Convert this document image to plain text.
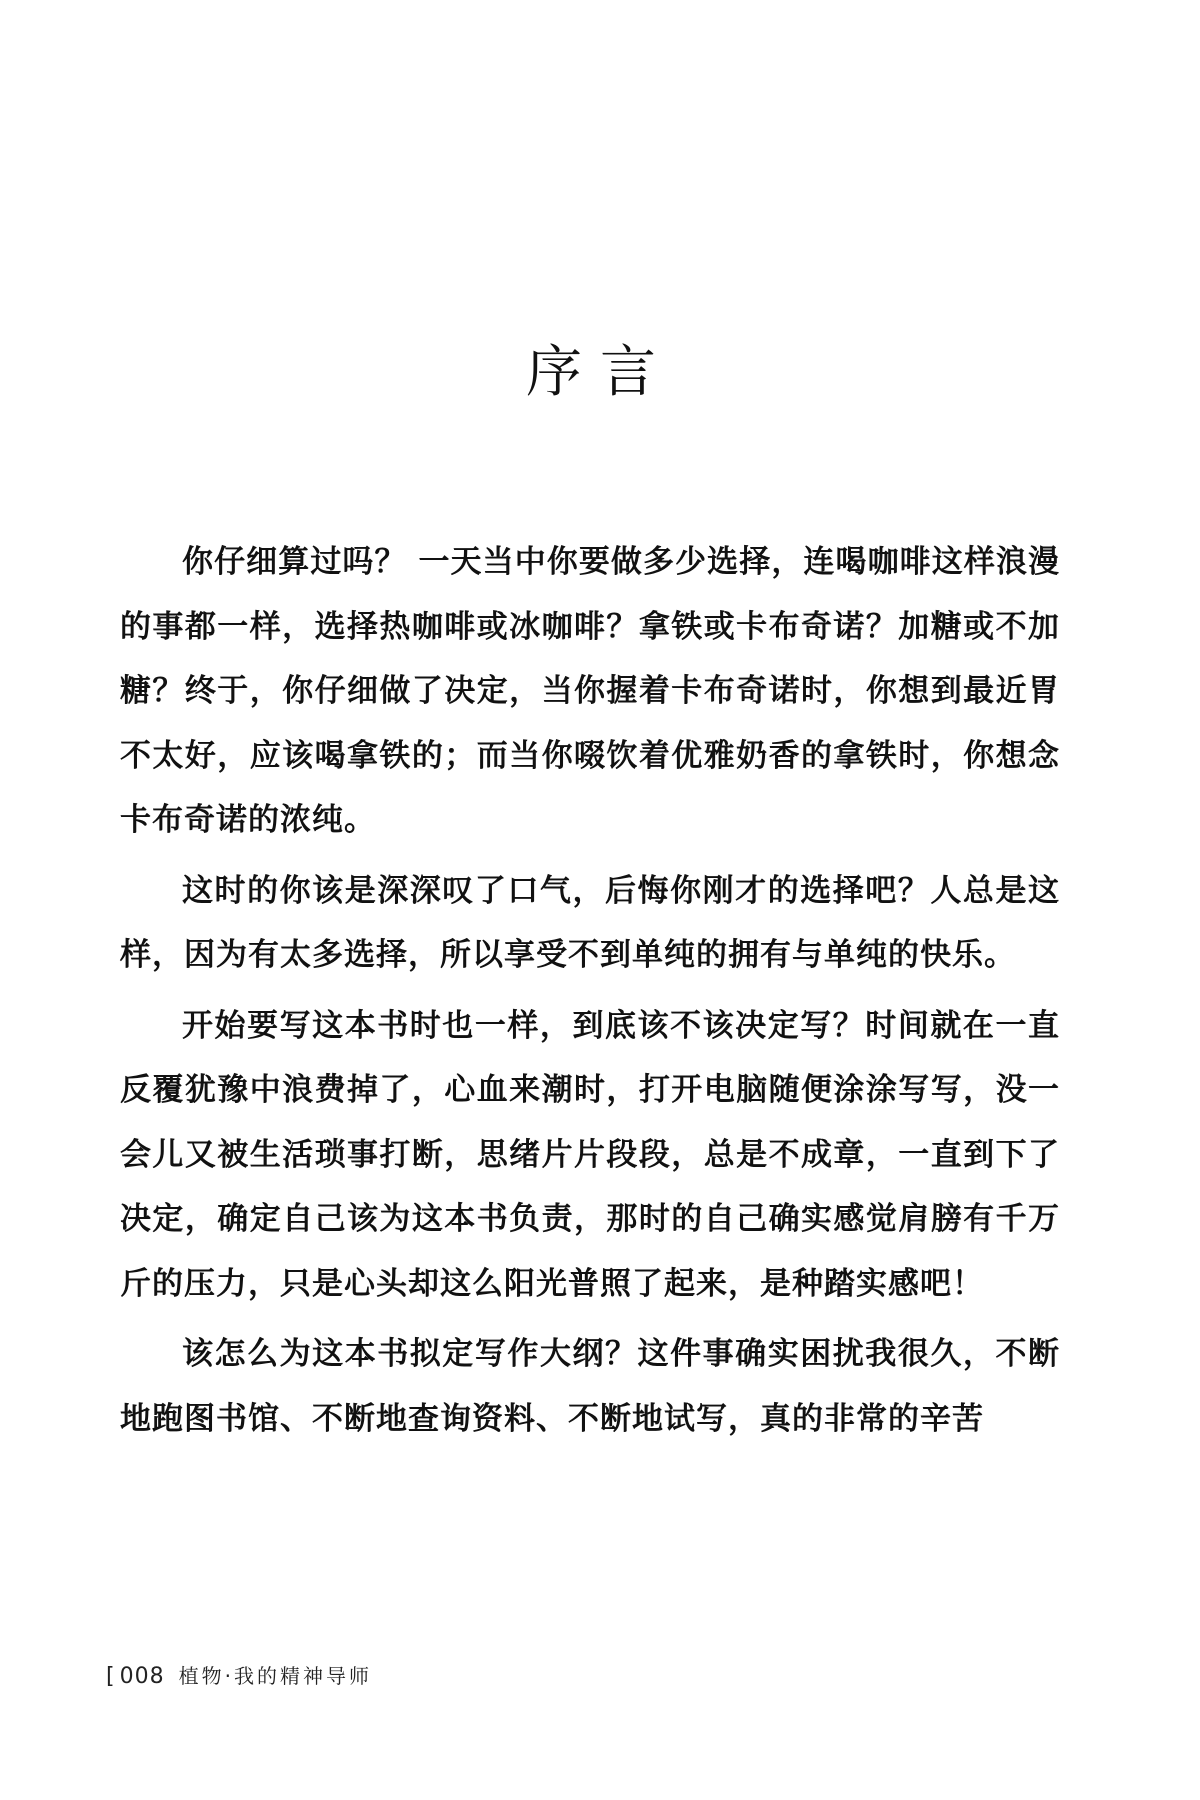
序言

你仔细算过吗？ 一天当中你要做多少选择，连喝咖啡这样浪漫的事都一样，选择热咖啡或冰咖啡？拿铁或卡布奇诺？加糖或不加糖？终于，你仔细做了决定，当你握着卡布奇诺时，你想到最近胃不太好，应该喝拿铁的；而当你啜饮着优雅奶香的拿铁时，你想念卡布奇诺的浓纯。

这时的你该是深深叹了口气，后悔你刚才的选择吧？人总是这样，因为有太多选择，所以享受不到单纯的拥有与单纯的快乐。

开始要写这本书时也一样，到底该不该决定写？时间就在一直反覆犹豫中浪费掉了，心血来潮时，打开电脑随便涂涂写写，没一会儿又被生活琐事打断，思绪片片段段，总是不成章，一直到下了决定，确定自己该为这本书负责，那时的自己确实感觉肩膀有千万斤的压力，只是心头却这么阳光普照了起来，是种踏实感吧！

该怎么为这本书拟定写作大纲？这件事确实困扰我很久，不断地跑图书馆、不断地查询资料、不断地试写，真的非常的辛苦

[ 008 植物·我的精神导师
